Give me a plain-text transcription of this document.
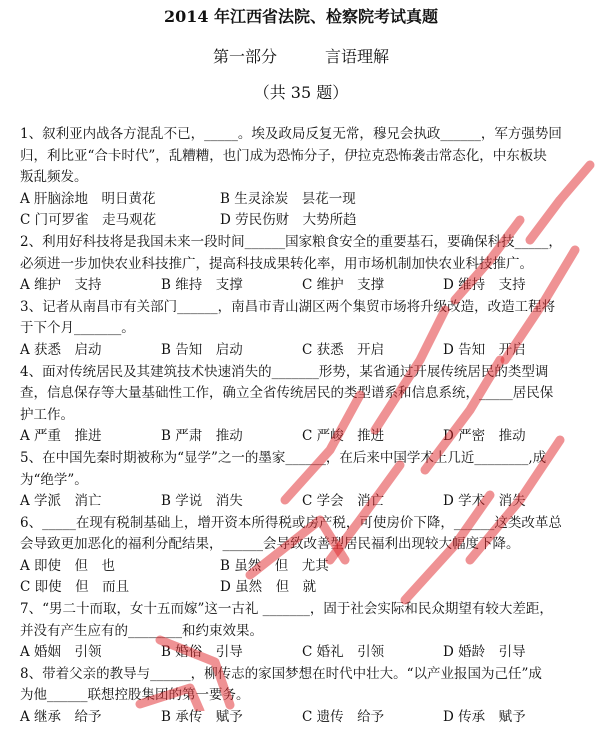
2014 年江西省法院、检察院考试真题
第一部分	言语理解
（共 35 题）
1、叙利亚内战各方混乱不已，_____。埃及政局反复无常，穆兄会执政______，军方强势回
归，利比亚“合卡时代”，乱糟糟，也门成为恐怖分子，伊拉克恐怖袭击常态化，中东板块
叛乱频发。
A 肝脑涂地　明日黄花	B 生灵涂炭　昙花一现
C 门可罗雀　走马观花	D 劳民伤财　大势所趋
2、利用好科技将是我国未来一段时间______国家粮食安全的重要基石，要确保科技_____，
必须进一步加快农业科技推广，提高科技成果转化率，用市场机制加快农业科技推广。
A 维护　支持	B 维持　支撑	C 维护　支撑	D 维持　支持
3、记者从南昌市有关部门______，南昌市青山湖区两个集贸市场将升级改造，改造工程将
于下个月_______。
A 获悉　启动	B 告知　启动	C 获悉　开启	D 告知　开启
4、面对传统居民及其建筑技术快速消失的_______形势，某省通过开展传统居民的类型调
查，信息保存等大量基础性工作，确立全省传统居民的类型谱系和信息系统，_____居民保
护工作。
A 严重　推进	B 严肃　推动	C 严峻　推进	D 严密　推动
5、在中国先秦时期被称为“显学”之一的墨家______，在后来中国学术上几近________,成
为“绝学”。
A 学派　消亡	B 学说　消失	C 学会　消亡	D 学术　消失
6、_____在现有税制基础上，增开资本所得税或房产税，可使房价下降，______这类改革总
会导致更加恶化的福利分配结果，______会导致改善型居民福利出现较大幅度下降。
A 即使　但　也	B 虽然　但　尤其
C 即使　但　而且	D 虽然　但　就
7、“男二十而取，女十五而嫁”这一古礼 _______，固于社会实际和民众期望有较大差距，
并没有产生应有的________和约束效果。
A 婚姻　引领	B 婚俗　引导	C 婚礼　引领	D 婚龄　引导
8、带着父亲的教导与______，柳传志的家国梦想在时代中壮大。“以产业报国为己任”成
为他______联想控股集团的第一要务。
A 继承　给予	B 承传　赋予	C 遗传　给予	D 传承　赋予
